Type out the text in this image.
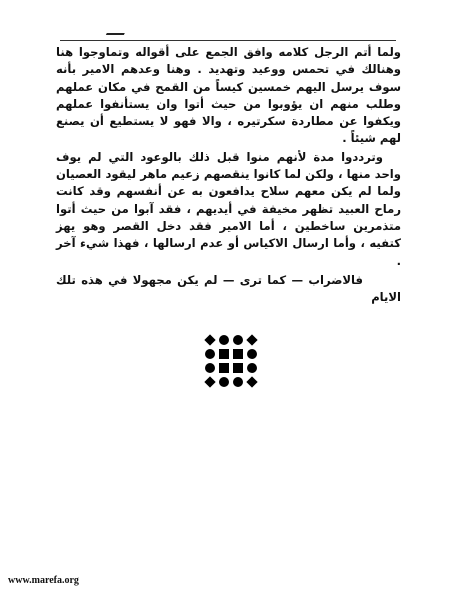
ولما أتم الرجل كلامه وافق الجمع على أقواله وتماوجوا هنا وهنالك في تحمس ووعيد وتهديد . وهنا وعدهم الامير بأنه سوف يرسل اليهم خمسين كيساً من القمح في مكان عملهم وطلب منهم ان يؤوبوا من حيث أتوا وان يستأنفوا عملهم ويكفوا عن مطاردة سكرتيره ، والا فهو لا يستطيع أن يصنع لهم شيئاً .

وترددوا مدة لأنهم منوا قبل ذلك بالوعود التي لم يوف واحد منها ، ولكن لما كانوا ينقصهم زعيم ماهر ليقود العصيان ولما لم يكن معهم سلاح يدافعون به عن أنفسهم وقد كانت رماح العبيد تظهر مخيفة في أيديهم ، فقد آبوا من حيث أتوا متذمرين ساخطين ، أما الامير فقد دخل القصر وهو يهز كتفيه ، وأما ارسال الاكياس أو عدم ارسالها ، فهذا شيء آخر .

فالاضراب — كما ترى — لم يكن مجهولا في هذه تلك الايام

www.marefa.org
